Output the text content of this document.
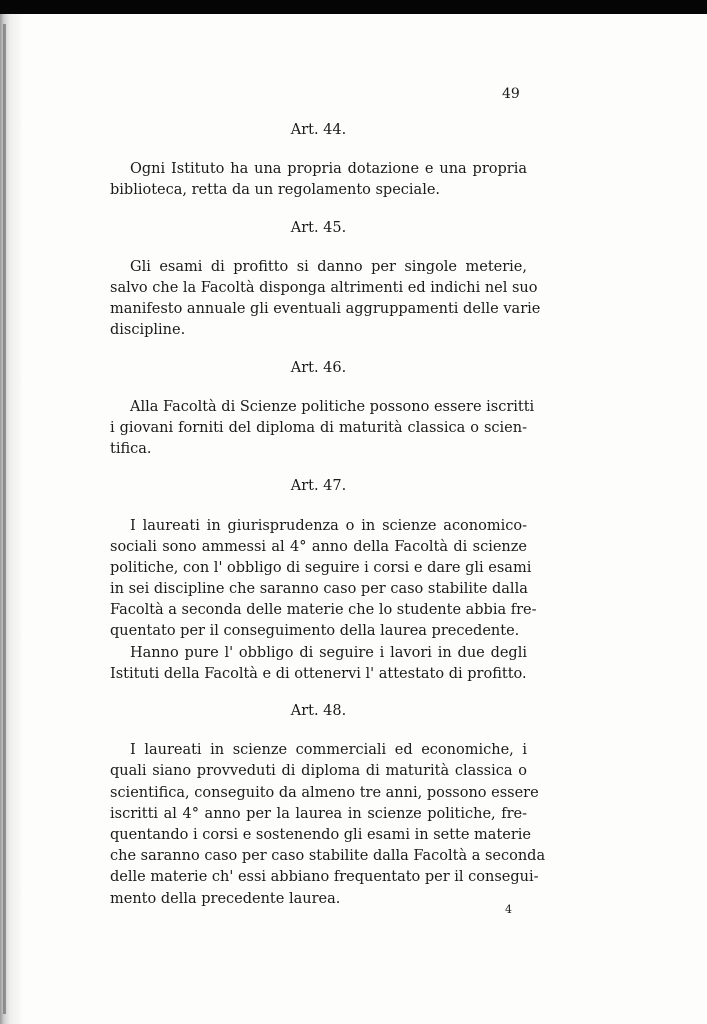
49
Art. 44.
Ogni Istituto ha una propria dotazione e una propria
biblioteca, retta da un regolamento speciale.
Art. 45.
Gli esami di profitto si danno per singole meterie,
salvo che la Facoltà disponga altrimenti ed indichi nel suo
manifesto annuale gli eventuali aggruppamenti delle varie
discipline.
Art. 46.
Alla Facoltà di Scienze politiche possono essere iscritti
i giovani forniti del diploma di maturità classica o scien-
tifica.
Art. 47.
I laureati in giurisprudenza o in scienze aconomico-
sociali sono ammessi al 4° anno della Facoltà di scienze
politiche, con l' obbligo di seguire i corsi e dare gli esami
in sei discipline che saranno caso per caso stabilite dalla
Facoltà a seconda delle materie che lo studente abbia fre-
quentato per il conseguimento della laurea precedente.
Hanno pure l' obbligo di seguire i lavori in due degli
Istituti della Facoltà e di ottenervi l' attestato di profitto.
Art. 48.
I laureati in scienze commerciali ed economiche, i
quali siano provveduti di diploma di maturità classica o
scientifica, conseguito da almeno tre anni, possono essere
iscritti al 4° anno per la laurea in scienze politiche, fre-
quentando i corsi e sostenendo gli esami in sette materie
che saranno caso per caso stabilite dalla Facoltà a seconda
delle materie ch' essi abbiano frequentato per il consegui-
mento della precedente laurea.
4
